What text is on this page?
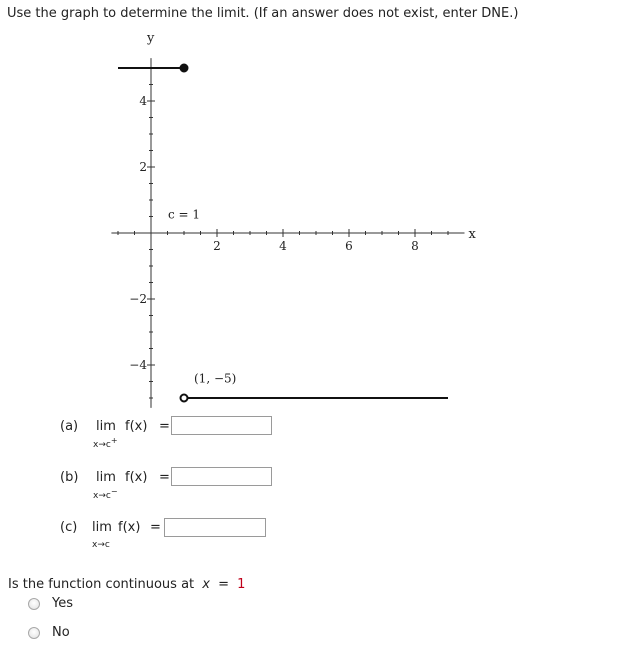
Use the graph to determine the limit. (If an answer does not exist, enter DNE.)
x
y
2	4	6	8
4
2
−2
−4
c = 1
(1, −5)
(a) lim f(x) =
x→c+
(b) lim f(x) =
x→c−
(c) lim f(x) =
x→c
Is the function continuous at x = 1
Yes
No
